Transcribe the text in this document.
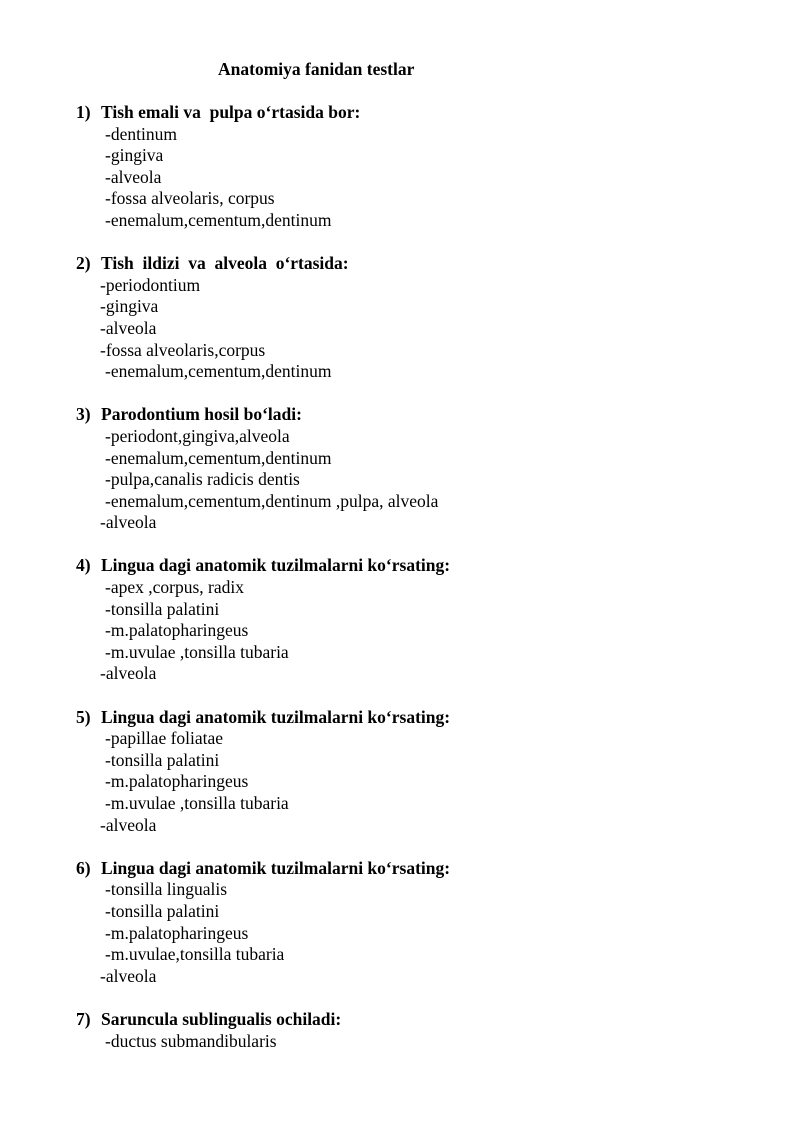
Anatomiya fanidan testlar
1) Tish emali va  pulpa o‘rtasida bor:
-dentinum
-gingiva
-alveola
-fossa alveolaris, corpus
-enemalum,cementum,dentinum
2) Tish  ildizi  va  alveola  o‘rtasida:
-periodontium
-gingiva
-alveola
-fossa alveolaris,corpus
-enemalum,cementum,dentinum
3) Parodontium hosil bo‘ladi:
-periodont,gingiva,alveola
-enemalum,cementum,dentinum
-pulpa,canalis radicis dentis
-enemalum,cementum,dentinum ,pulpa, alveola
-alveola
4) Lingua dagi anatomik tuzilmalarni ko‘rsating:
-apex ,corpus, radix
-tonsilla palatini
-m.palatopharingeus
-m.uvulae ,tonsilla tubaria
-alveola
5) Lingua dagi anatomik tuzilmalarni ko‘rsating:
-papillae foliatae
-tonsilla palatini
-m.palatopharingeus
-m.uvulae ,tonsilla tubaria
-alveola
6) Lingua dagi anatomik tuzilmalarni ko‘rsating:
-tonsilla lingualis
-tonsilla palatini
-m.palatopharingeus
-m.uvulae,tonsilla tubaria
-alveola
7) Saruncula sublingualis ochiladi:
-ductus submandibularis
